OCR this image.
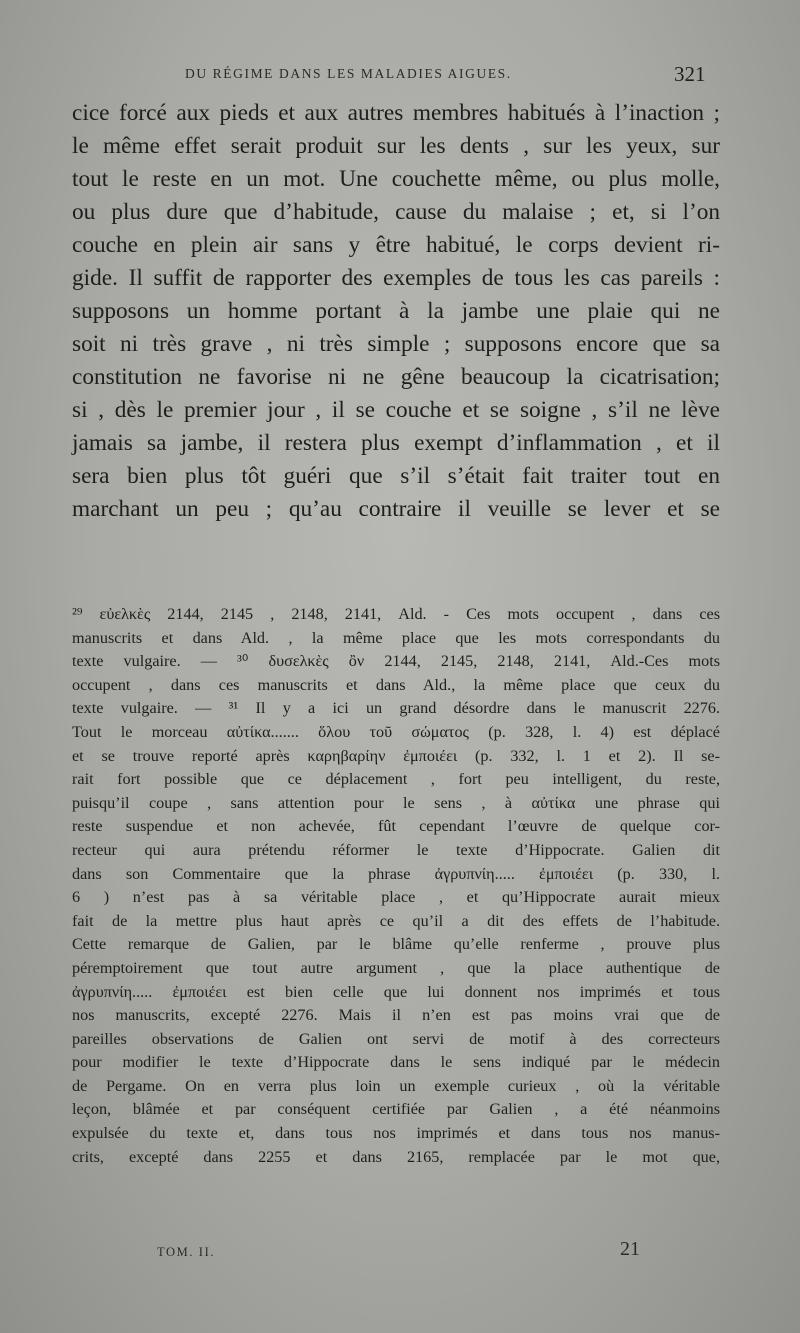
DU RÉGIME DANS LES MALADIES AIGUES.	321
cice forcé aux pieds et aux autres membres habitués à l’inaction ;
le même effet serait produit sur les dents , sur les yeux, sur
tout le reste en un mot. Une couchette même, ou plus molle,
ou plus dure que d’habitude, cause du malaise ; et, si l’on
couche en plein air sans y être habitué, le corps devient ri-
gide. Il suffit de rapporter des exemples de tous les cas pareils :
supposons un homme portant à la jambe une plaie qui ne
soit ni très grave , ni très simple ; supposons encore que sa
constitution ne favorise ni ne gêne beaucoup la cicatrisation;
si , dès le premier jour , il se couche et se soigne , s’il ne lève
jamais sa jambe, il restera plus exempt d’inflammation , et il
sera bien plus tôt guéri que s’il s’était fait traiter tout en
marchant un peu ; qu’au contraire il veuille se lever et se
²⁹ εὐελκὲς 2144, 2145 , 2148, 2141, Ald. - Ces mots occupent , dans ces
manuscrits et dans Ald. , la même place que les mots correspondants du
texte vulgaire. — ³⁰ δυσελκὲς ὂν 2144, 2145, 2148, 2141, Ald.-Ces mots
occupent , dans ces manuscrits et dans Ald., la même place que ceux du
texte vulgaire. — ³¹ Il y a ici un grand désordre dans le manuscrit 2276.
Tout le morceau αὐτίκα....... ὅλου τοῦ σώματος (p. 328, l. 4) est déplacé
et se trouve reporté après καρηβαρίην ἐμποιέει (p. 332, l. 1 et 2). Il se-
rait fort possible que ce déplacement , fort peu intelligent, du reste,
puisqu’il coupe , sans attention pour le sens , à αὐτίκα une phrase qui
reste suspendue et non achevée, fût cependant l’œuvre de quelque cor-
recteur qui aura prétendu réformer le texte d’Hippocrate. Galien dit
dans son Commentaire que la phrase ἀγρυπνίη..... ἐμποιέει (p. 330, l.
6 ) n’est pas à sa véritable place , et qu’Hippocrate aurait mieux
fait de la mettre plus haut après ce qu’il a dit des effets de l’habitude.
Cette remarque de Galien, par le blâme qu’elle renferme , prouve plus
péremptoirement que tout autre argument , que la place authentique de
ἀγρυπνίη..... ἐμποιέει est bien celle que lui donnent nos imprimés et tous
nos manuscrits, excepté 2276. Mais il n’en est pas moins vrai que de
pareilles observations de Galien ont servi de motif à des correcteurs
pour modifier le texte d’Hippocrate dans le sens indiqué par le médecin
de Pergame. On en verra plus loin un exemple curieux , où la véritable
leçon, blâmée et par conséquent certifiée par Galien , a été néanmoins
expulsée du texte et, dans tous nos imprimés et dans tous nos manus-
crits, excepté dans 2255 et dans 2165, remplacée par le mot que,
TOM. II.	21
